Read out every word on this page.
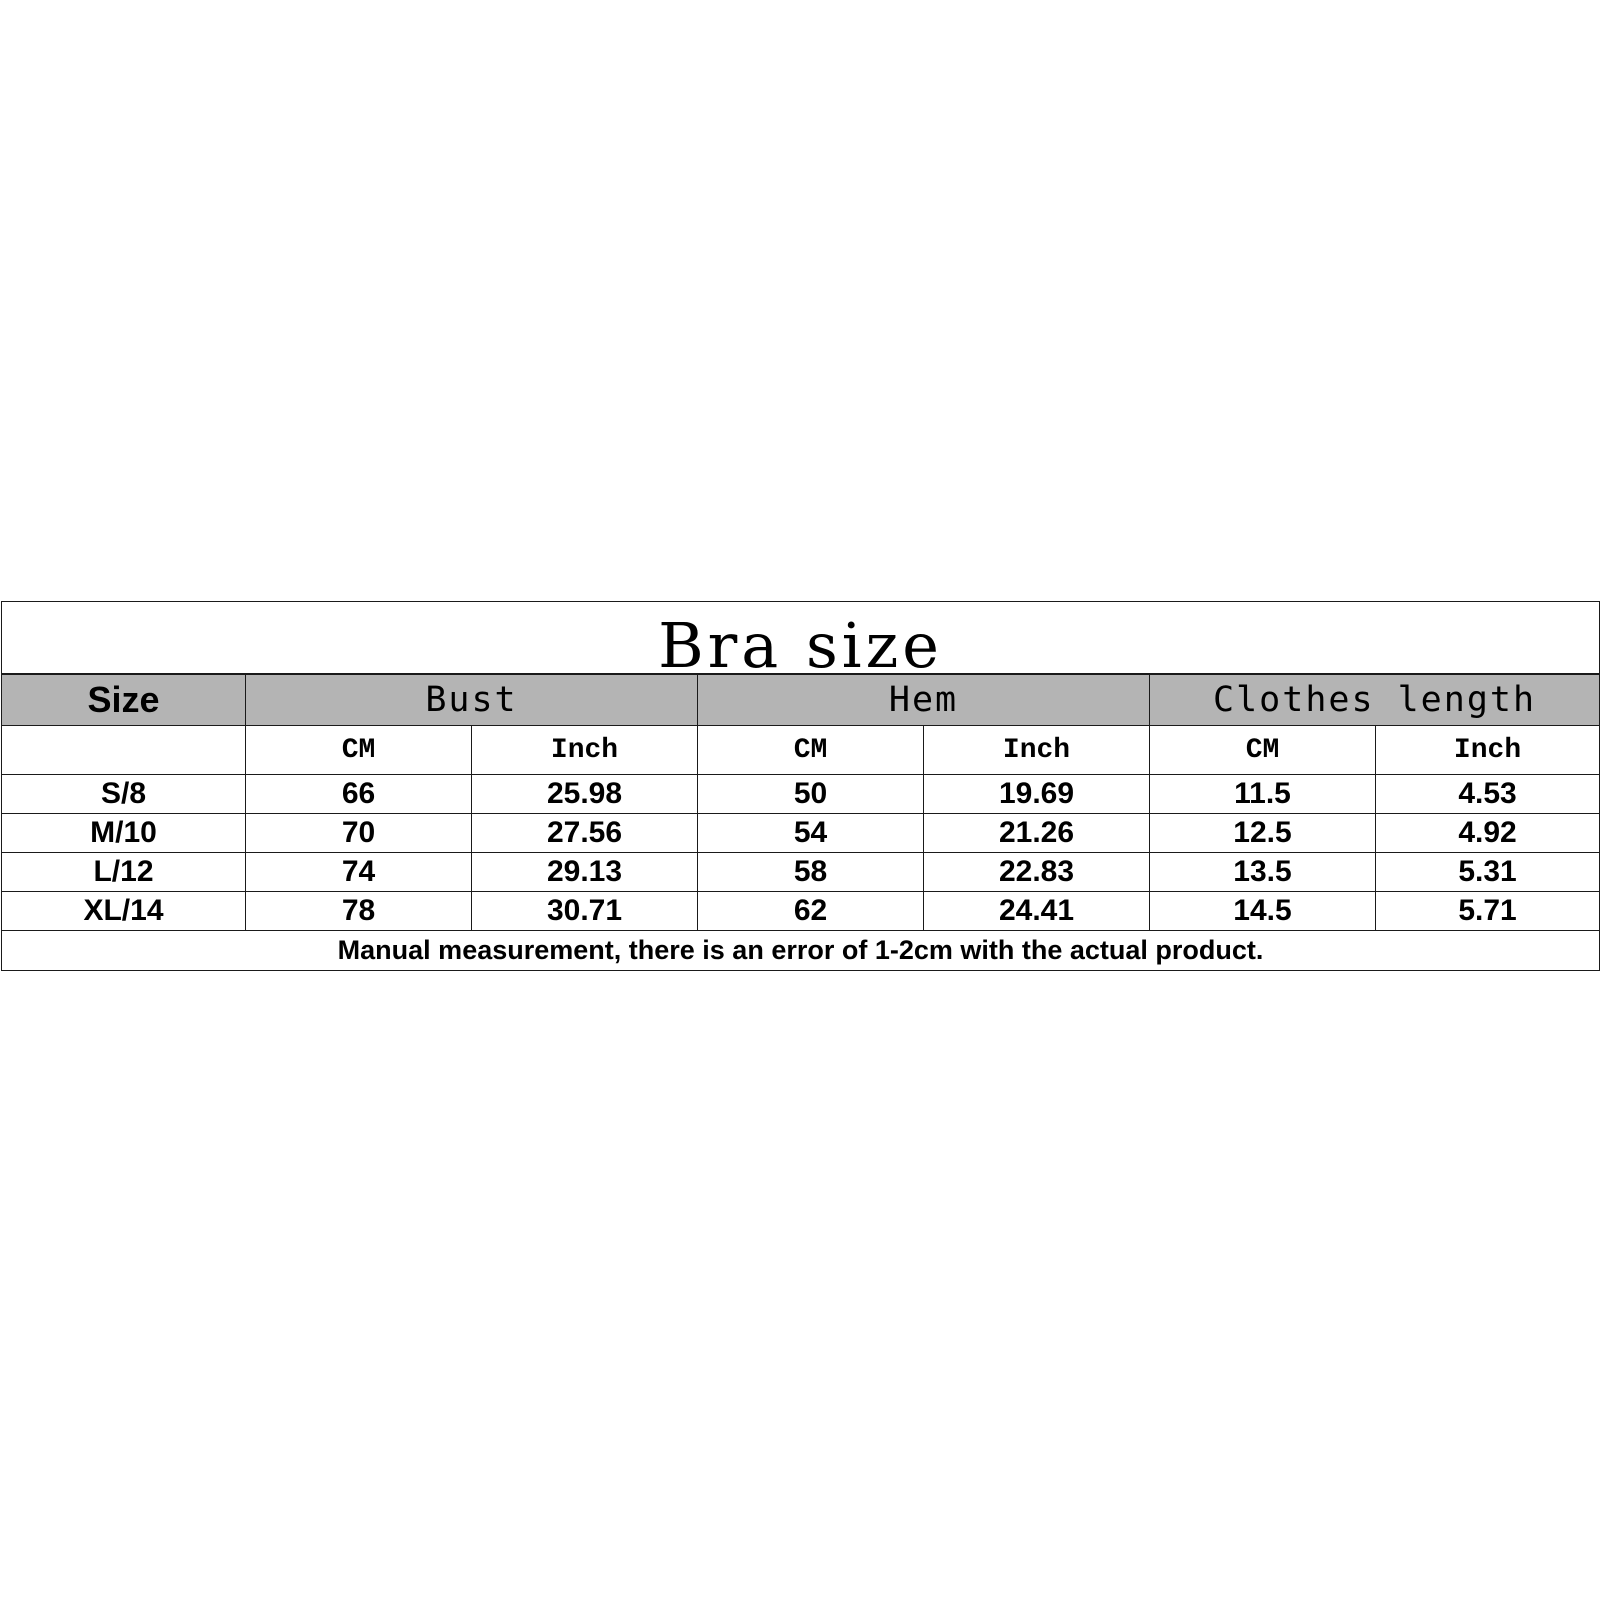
Bra size						
Size	Bust		Hem		Clothes length	
	CM	Inch	CM	Inch	CM	Inch
S/8	66	25.98	50	19.69	11.5	4.53
M/10	70	27.56	54	21.26	12.5	4.92
L/12	74	29.13	58	22.83	13.5	5.31
XL/14	78	30.71	62	24.41	14.5	5.71
Manual measurement, there is an error of 1-2cm with the actual product.						
